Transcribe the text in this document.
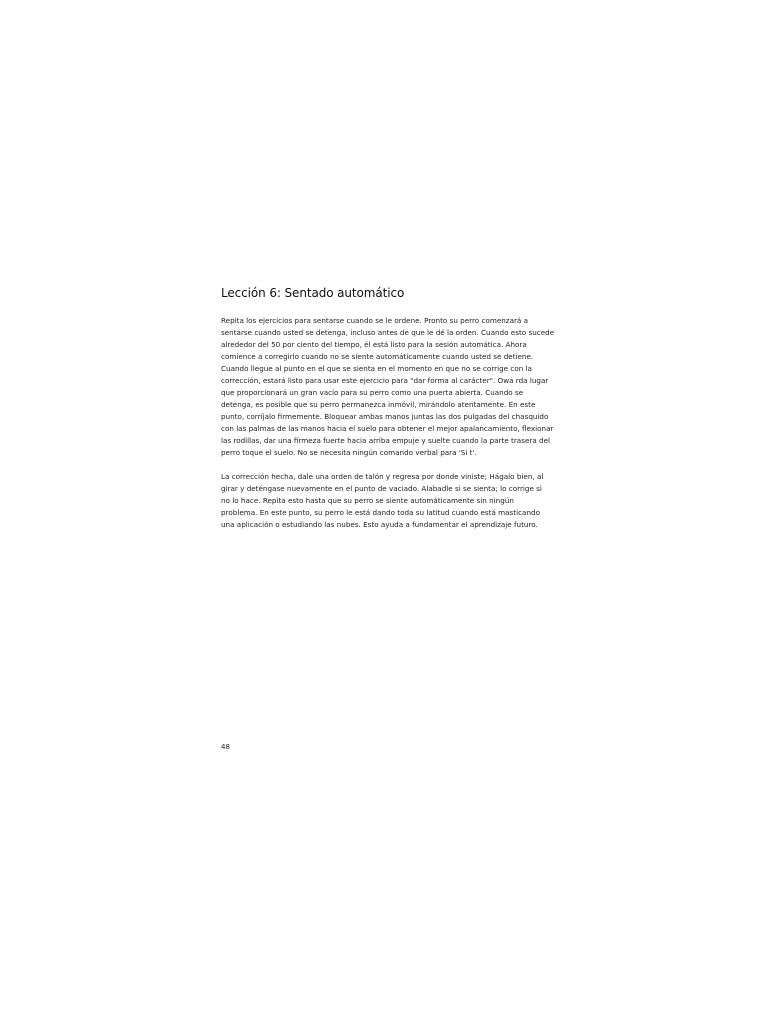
Lección 6: Sentado automático

Repita los ejercicios para sentarse cuando se le ordene. Pronto su perro comenzará a
sentarse cuando usted se detenga, incluso antes de que le dé la orden. Cuando esto sucede
alrededor del 50 por ciento del tiempo, él está listo para la sesión automática. Ahora
comience a corregirlo cuando no se siente automáticamente cuando usted se detiene.
Cuando llegue al punto en el que se sienta en el momento en que no se corrige con la
corrección, estará listo para usar este ejercicio para "dar forma al carácter". Owa rda lugar
que proporcionará un gran vacío para su perro como una puerta abierta. Cuando se
detenga, es posible que su perro permanezca inmóvil, mirándolo atentamente. En este
punto, corríjalo firmemente. Bloquear ambas manos juntas las dos pulgadas del chasquido
con las palmas de las manos hacia el suelo para obtener el mejor apalancamiento, flexionar
las rodillas, dar una firmeza fuerte hacia arriba empuje y suelte cuando la parte trasera del
perro toque el suelo. No se necesita ningún comando verbal para 'Si t'.

La corrección hecha, dale una orden de talón y regresa por donde viniste; Hágalo bien, al
girar y deténgase nuevamente en el punto de vaciado. Alabadle si se sienta; lo corrige si
no lo hace. Repita esto hasta que su perro se siente automáticamente sin ningún
problema. En este punto, su perro le está dando toda su latitud cuando está masticando
una aplicación o estudiando las nubes. Esto ayuda a fundamentar el aprendizaje futuro.

48
